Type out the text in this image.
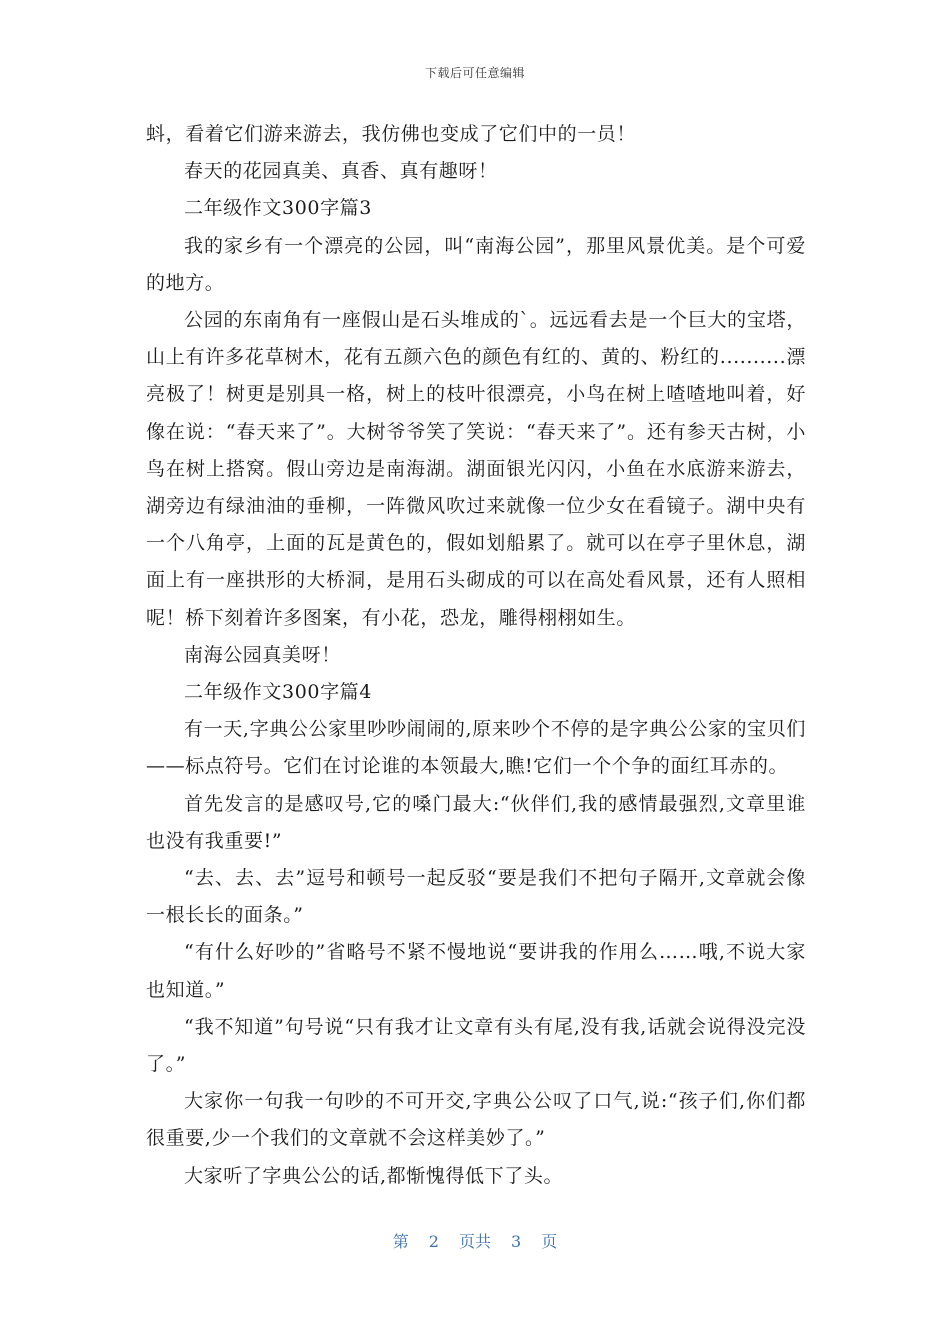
下载后可任意编辑

蚪，看着它们游来游去，我仿佛也变成了它们中的一员！

春天的花园真美、真香、真有趣呀！

二年级作文300字篇3

我的家乡有一个漂亮的公园，叫“南海公园”，那里风景优美。是个可爱的地方。

公园的东南角有一座假山是石头堆成的`。远远看去是一个巨大的宝塔，山上有许多花草树木，花有五颜六色的颜色有红的、黄的、粉红的..........漂亮极了！树更是别具一格，树上的枝叶很漂亮，小鸟在树上喳喳地叫着，好像在说：“春天来了”。大树爷爷笑了笑说：“春天来了”。还有参天古树，小鸟在树上搭窝。假山旁边是南海湖。湖面银光闪闪，小鱼在水底游来游去，湖旁边有绿油油的垂柳，一阵微风吹过来就像一位少女在看镜子。湖中央有一个八角亭，上面的瓦是黄色的，假如划船累了。就可以在亭子里休息，湖面上有一座拱形的大桥洞，是用石头砌成的可以在高处看风景，还有人照相呢！桥下刻着许多图案，有小花，恐龙，雕得栩栩如生。

南海公园真美呀！

二年级作文300字篇4

有一天,字典公公家里吵吵闹闹的,原来吵个不停的是字典公公家的宝贝们——标点符号。它们在讨论谁的本领最大,瞧!它们一个个争的面红耳赤的。

首先发言的是感叹号,它的嗓门最大:“伙伴们,我的感情最强烈,文章里谁也没有我重要!”

“去、去、去”逗号和顿号一起反驳“要是我们不把句子隔开,文章就会像一根长长的面条。”

“有什么好吵的”省略号不紧不慢地说“要讲我的作用么……哦,不说大家也知道。”

“我不知道”句号说“只有我才让文章有头有尾,没有我,话就会说得没完没了。”

大家你一句我一句吵的不可开交,字典公公叹了口气,说:“孩子们,你们都很重要,少一个我们的文章就不会这样美妙了。”

大家听了字典公公的话,都惭愧得低下了头。

第 2 页共 3 页
